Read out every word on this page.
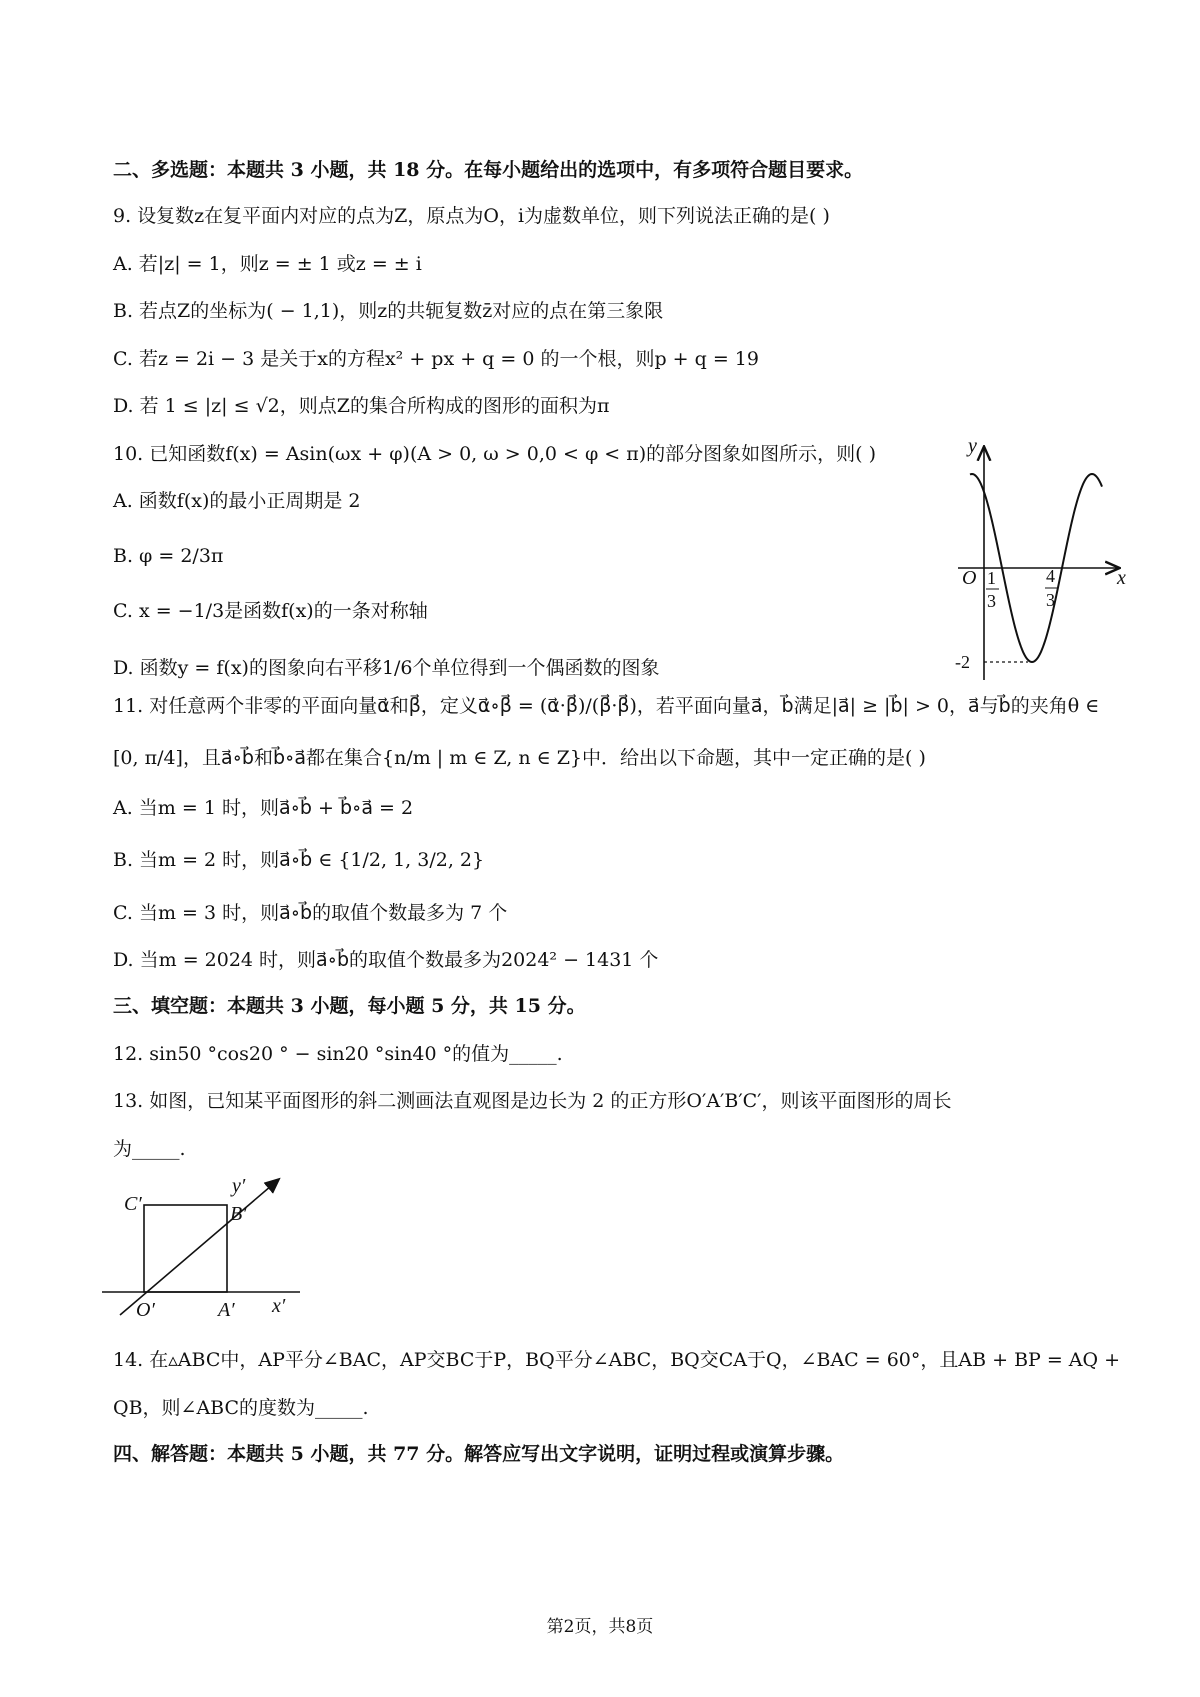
二、多选题：本题共 3 小题，共 18 分。在每小题给出的选项中，有多项符合题目要求。
9. 设复数z在复平面内对应的点为Z，原点为O，i为虚数单位，则下列说法正确的是( )
A. 若|z| = 1，则z = ± 1 或z = ± i
B. 若点Z的坐标为( − 1,1)，则z的共轭复数z̄对应的点在第三象限
C. 若z = 2i − 3 是关于x的方程x² + px + q = 0 的一个根，则p + q = 19
D. 若 1 ≤ |z| ≤ √2，则点Z的集合所构成的图形的面积为π
10. 已知函数f(x) = Asin(ωx + φ)(A > 0, ω > 0,0 < φ < π)的部分图象如图所示，则( )
A. 函数f(x)的最小正周期是 2
B. φ = 2/3π
C. x = −1/3是函数f(x)的一条对称轴
D. 函数y = f(x)的图象向右平移1/6个单位得到一个偶函数的图象
y
x
O 1
3
4
3
-2
11. 对任意两个非零的平面向量α⃗和β⃗，定义α⃗∘β⃗ = (α⃗·β⃗)/(β⃗·β⃗)，若平面向量a⃗，b⃗满足|a⃗| ≥ |b⃗| > 0，a⃗与b⃗的夹角θ ∈
[0, π/4]，且a⃗∘b⃗和b⃗∘a⃗都在集合{n/m | m ∈ Z, n ∈ Z}中．给出以下命题，其中一定正确的是( )
A. 当m = 1 时，则a⃗∘b⃗ + b⃗∘a⃗ = 2
B. 当m = 2 时，则a⃗∘b⃗ ∈ {1/2, 1, 3/2, 2}
C. 当m = 3 时，则a⃗∘b⃗的取值个数最多为 7 个
D. 当m = 2024 时，则a⃗∘b⃗的取值个数最多为2024² − 1431 个
三、填空题：本题共 3 小题，每小题 5 分，共 15 分。
12. sin50 °cos20 ° − sin20 °sin40 °的值为_____.
13. 如图，已知某平面图形的斜二测画法直观图是边长为 2 的正方形O′A′B′C′，则该平面图形的周长
为_____.
y′
x′
O′	A′
B′
C′
14. 在▵ABC中，AP平分∠BAC，AP交BC于P，BQ平分∠ABC，BQ交CA于Q，∠BAC = 60°，且AB + BP = AQ +
QB，则∠ABC的度数为_____.
四、解答题：本题共 5 小题，共 77 分。解答应写出文字说明，证明过程或演算步骤。
第2页，共8页
